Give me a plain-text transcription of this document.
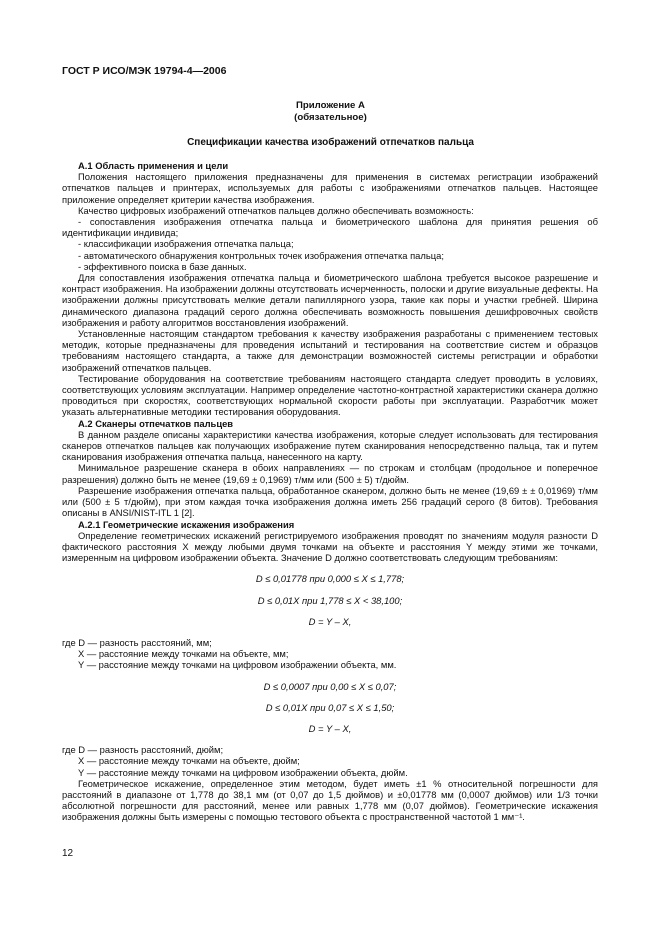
ГОСТ Р ИСО/МЭК 19794-4—2006
Приложение А
(обязательное)
Спецификации качества изображений отпечатков пальца

А.1 Область применения и цели

Положения настоящего приложения предназначены для применения в системах регистрации изображений отпечатков пальцев и принтерах, используемых для работы с изображениями отпечатков пальцев. Настоящее приложение определяет критерии качества изображения.

Качество цифровых изображений отпечатков пальцев должно обеспечивать возможность:

- сопоставления изображения отпечатка пальца и биометрического шаблона для принятия решения об идентификации индивида;

- классификации изображения отпечатка пальца;

- автоматического обнаружения контрольных точек изображения отпечатка пальца;

- эффективного поиска в базе данных.

Для сопоставления изображения отпечатка пальца и биометрического шаблона требуется высокое разрешение и контраст изображения. На изображении должны отсутствовать исчерченность, полоски и другие визуальные дефекты. На изображении должны присутствовать мелкие детали папиллярного узора, такие как поры и участки гребней. Ширина динамического диапазона градаций серого должна обеспечивать возможность повышения дешифровочных свойств изображения и работу алгоритмов восстановления изображений.

Установленные настоящим стандартом требования к качеству изображения разработаны с применением тестовых методик, которые предназначены для проведения испытаний и тестирования на соответствие систем и образцов требованиям настоящего стандарта, а также для демонстрации возможностей системы регистрации и обработки изображений отпечатков пальцев.

Тестирование оборудования на соответствие требованиям настоящего стандарта следует проводить в условиях, соответствующих условиям эксплуатации. Например определение частотно-контрастной характеристики сканера должно проводиться при скоростях, соответствующих нормальной скорости работы при эксплуатации. Разработчик может указать альтернативные методики тестирования оборудования.

А.2 Сканеры отпечатков пальцев

В данном разделе описаны характеристики качества изображения, которые следует использовать для тестирования сканеров отпечатков пальцев как получающих изображение путем сканирования непосредственно пальца, так и путем сканирования изображения отпечатка пальца, нанесенного на карту.

Минимальное разрешение сканера в обоих направлениях — по строкам и столбцам (продольное и поперечное разрешения) должно быть не менее (19,69 ± 0,1969) т/мм или (500 ± 5) т/дюйм.

Разрешение изображения отпечатка пальца, обработанное сканером, должно быть не менее (19,69 ± ± 0,01969) т/мм или (500 ± 5 т/дюйм), при этом каждая точка изображения должна иметь 256 градаций серого (8 битов). Требования описаны в ANSI/NIST-ITL 1 [2].

А.2.1 Геометрические искажения изображения

Определение геометрических искажений регистрируемого изображения проводят по значениям модуля разности D фактического расстояния X между любыми двумя точками на объекте и расстояния Y между этими же точками, измеренным на цифровом изображении объекта. Значение D должно соответствовать следующим требованиям:

D ≤ 0,01778 при 0,000 ≤ X ≤ 1,778;

D ≤ 0,01X при 1,778 ≤ X < 38,100;

D = Y – X,

где D — разность расстояний, мм;

X — расстояние между точками на объекте, мм;

Y — расстояние между точками на цифровом изображении объекта, мм.

D ≤ 0,0007 при 0,00 ≤ X ≤ 0,07;

D ≤ 0,01X при 0,07 ≤ X ≤ 1,50;

D = Y – X,

где D — разность расстояний, дюйм;

X — расстояние между точками на объекте, дюйм;

Y — расстояние между точками на цифровом изображении объекта, дюйм.

Геометрическое искажение, определенное этим методом, будет иметь ±1 % относительной погрешности для расстояний в диапазоне от 1,778 до 38,1 мм (от 0,07 до 1,5 дюймов) и ±0,01778 мм (0,0007 дюймов) или 1/3 точки абсолютной погрешности для расстояний, менее или равных 1,778 мм (0,07 дюймов). Геометрические искажения изображения должны быть измерены с помощью тестового объекта с пространственной частотой 1 мм⁻¹.

12
